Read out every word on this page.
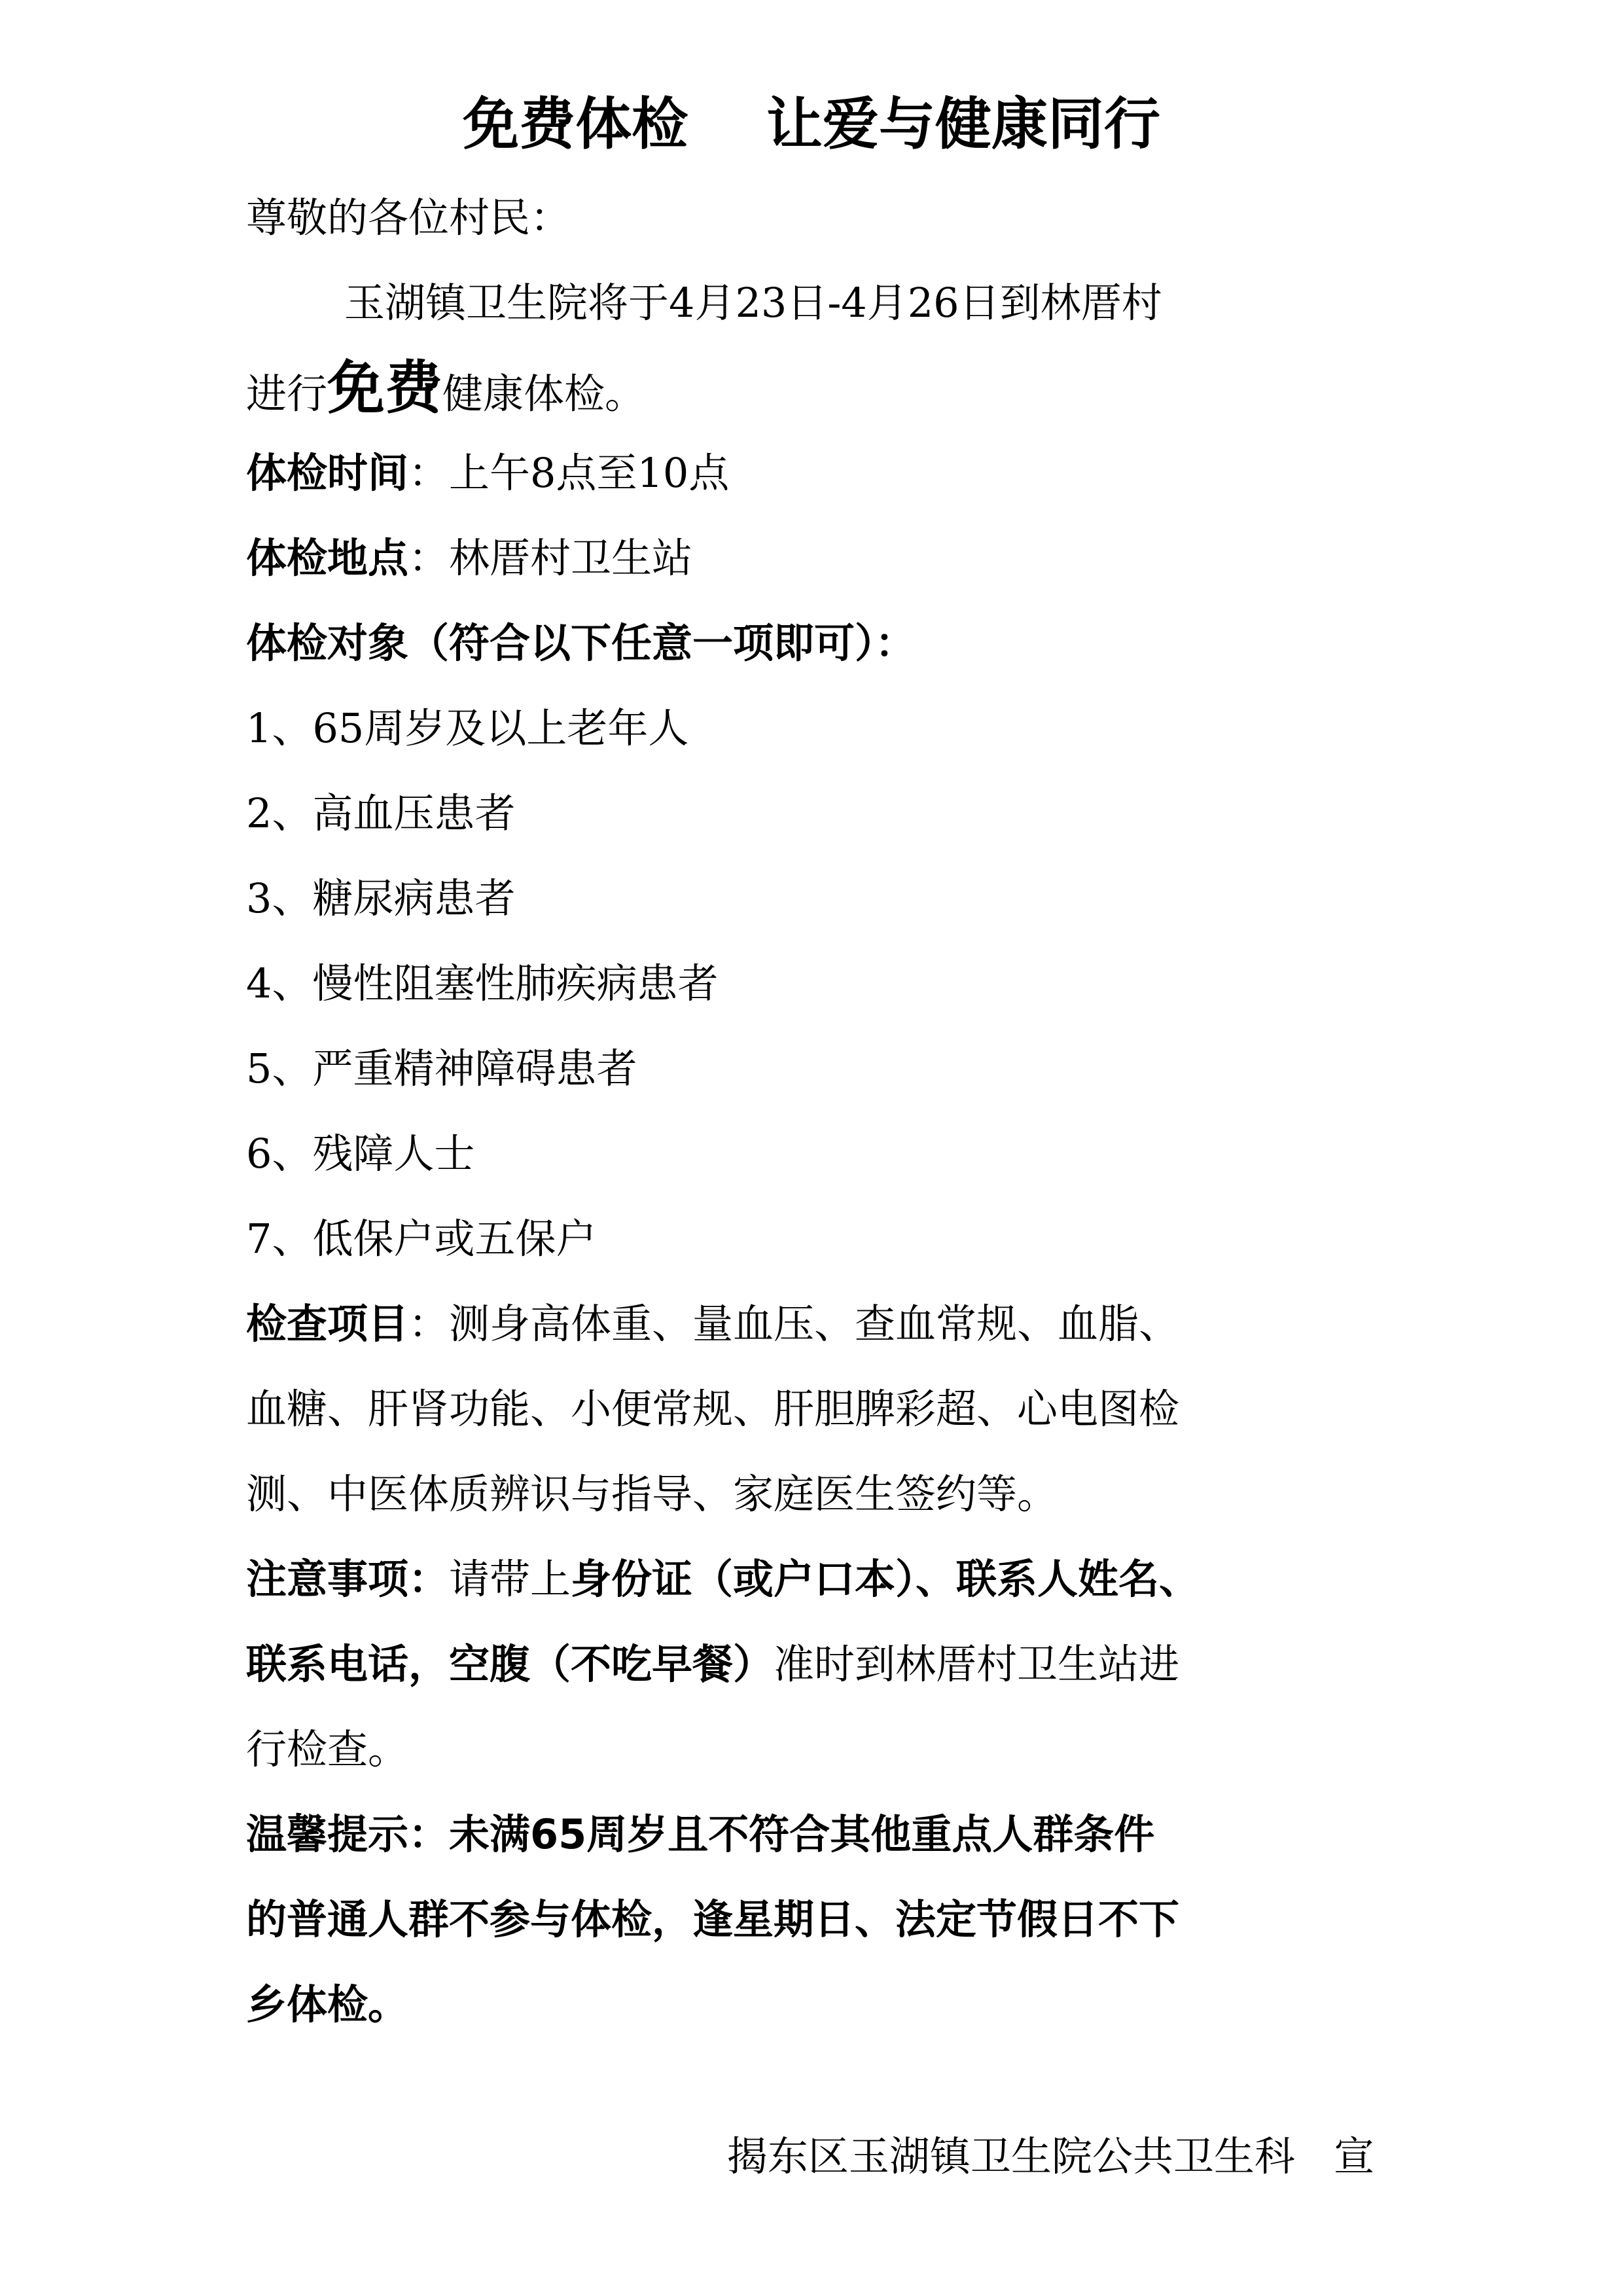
免费体检    让爱与健康同行
尊敬的各位村民：
玉湖镇卫生院将于4月23日-4月26日到林厝村
进行免费健康体检。
体检时间：上午8点至10点
体检地点：林厝村卫生站
体检对象（符合以下任意一项即可）：
1、65周岁及以上老年人
2、高血压患者
3、糖尿病患者
4、慢性阻塞性肺疾病患者
5、严重精神障碍患者
6、残障人士
7、低保户或五保户
检查项目：测身高体重、量血压、查血常规、血脂、
血糖、肝肾功能、小便常规、肝胆脾彩超、心电图检
测、中医体质辨识与指导、家庭医生签约等。
注意事项：请带上身份证（或户口本）、联系人姓名、
联系电话，空腹（不吃早餐）准时到林厝村卫生站进
行检查。
温馨提示：未满65周岁且不符合其他重点人群条件
的普通人群不参与体检，逢星期日、法定节假日不下
乡体检。
揭东区玉湖镇卫生院公共卫生科   宣
